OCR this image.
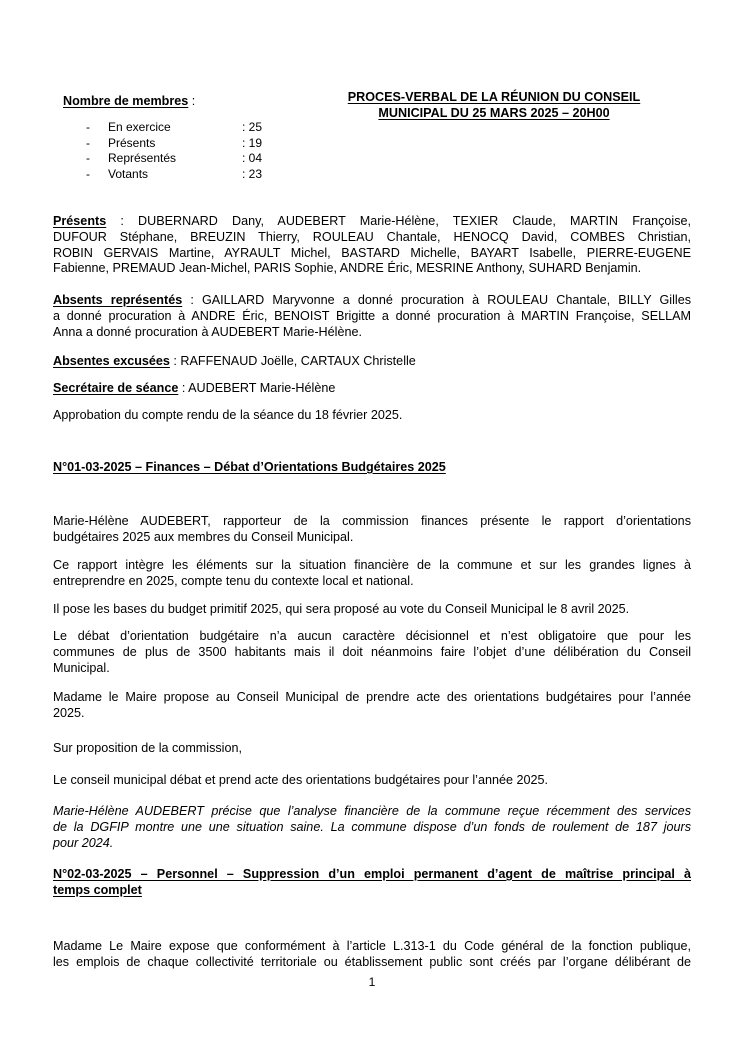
Nombre de membres :
-	En exercice	: 25
-	Présents	: 19
-	Représentés	: 04
-	Votants	: 23
PROCES-VERBAL DE LA RÉUNION DU CONSEIL
MUNICIPAL DU 25 MARS 2025 – 20H00
Présents : DUBERNARD Dany, AUDEBERT Marie-Hélène, TEXIER Claude, MARTIN Françoise,
DUFOUR Stéphane, BREUZIN Thierry, ROULEAU Chantale, HENOCQ David, COMBES Christian,
ROBIN GERVAIS Martine, AYRAULT Michel, BASTARD Michelle, BAYART Isabelle, PIERRE-EUGENE
Fabienne, PREMAUD Jean-Michel, PARIS Sophie, ANDRE Éric, MESRINE Anthony, SUHARD Benjamin.
Absents représentés : GAILLARD Maryvonne a donné procuration à ROULEAU Chantale, BILLY Gilles
a donné procuration à ANDRE Éric, BENOIST Brigitte a donné procuration à MARTIN Françoise, SELLAM
Anna a donné procuration à AUDEBERT Marie-Hélène.
Absentes excusées : RAFFENAUD Joëlle, CARTAUX Christelle
Secrétaire de séance : AUDEBERT Marie-Hélène
Approbation du compte rendu de la séance du 18 février 2025.
N°01-03-2025 – Finances – Débat d’Orientations Budgétaires 2025
Marie-Hélène AUDEBERT, rapporteur de la commission finances présente le rapport d’orientations
budgétaires 2025 aux membres du Conseil Municipal.
Ce rapport intègre les éléments sur la situation financière de la commune et sur les grandes lignes à
entreprendre en 2025, compte tenu du contexte local et national.
Il pose les bases du budget primitif 2025, qui sera proposé au vote du Conseil Municipal le 8 avril 2025.
Le débat d’orientation budgétaire n’a aucun caractère décisionnel et n’est obligatoire que pour les
communes de plus de 3500 habitants mais il doit néanmoins faire l’objet d’une délibération du Conseil
Municipal.
Madame le Maire propose au Conseil Municipal de prendre acte des orientations budgétaires pour l’année
2025.
Sur proposition de la commission,
Le conseil municipal débat et prend acte des orientations budgétaires pour l’année 2025.
Marie-Hélène AUDEBERT précise que l’analyse financière de la commune reçue récemment des services
de la DGFIP montre une une situation saine. La commune dispose d’un fonds de roulement de 187 jours
pour 2024.
N°02-03-2025 – Personnel – Suppression d’un emploi permanent d’agent de maîtrise principal à
temps complet
Madame Le Maire expose que conformément à l’article L.313-1 du Code général de la fonction publique,
les emplois de chaque collectivité territoriale ou établissement public sont créés par l’organe délibérant de
1
